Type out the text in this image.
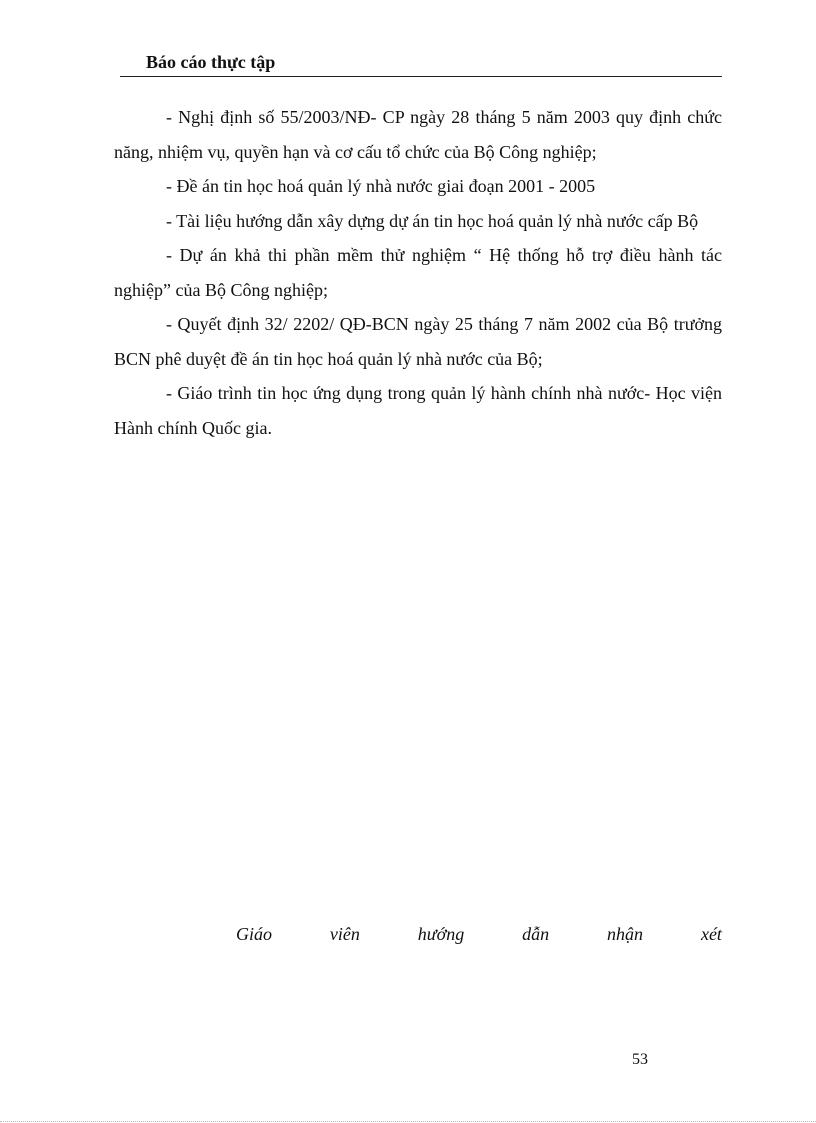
Báo cáo thực tập

- Nghị định số 55/2003/NĐ- CP ngày 28 tháng 5 năm 2003 quy định chức năng, nhiệm vụ, quyền hạn và cơ cấu tổ chức của Bộ Công nghiệp;

- Đề án tin học hoá quản lý nhà nước giai đoạn 2001 - 2005

- Tài liệu hướng dẫn xây dựng dự án tin học hoá quản lý nhà nước cấp Bộ

- Dự án khả thi phần mềm thử nghiệm “ Hệ thống hỗ trợ điều hành tác nghiệp” của Bộ Công nghiệp;

- Quyết định 32/ 2202/ QĐ-BCN ngày 25 tháng 7 năm 2002 của Bộ trưởng BCN phê duyệt đề án tin học hoá quản lý nhà nước của Bộ;

- Giáo trình tin học ứng dụng trong quản lý hành chính nhà nước- Học viện Hành chính Quốc gia.

Giáo	viên	hướng	dẫn	nhận	xét
53
